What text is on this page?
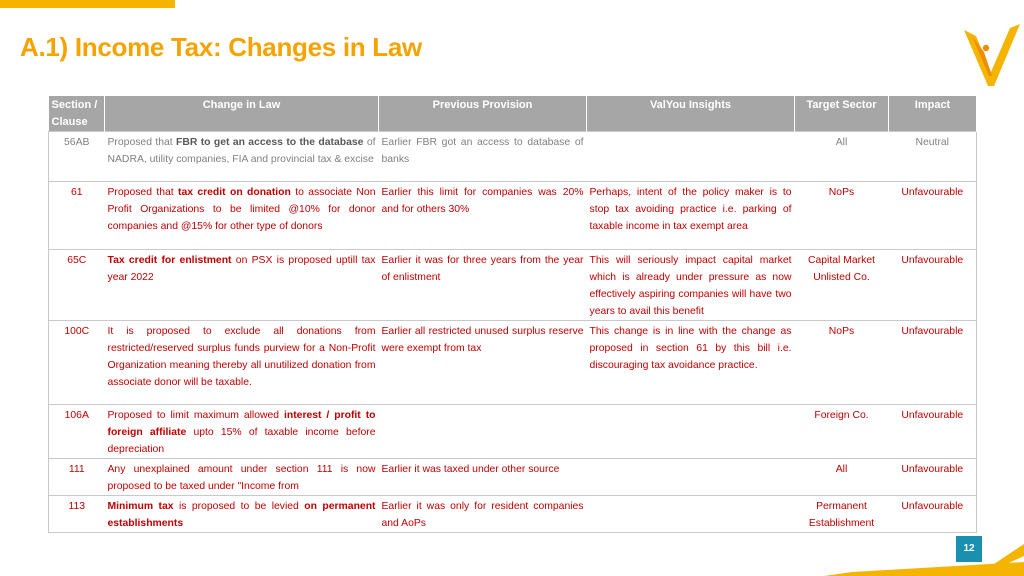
A.1) Income Tax: Changes in Law
Section / Clause	Change in Law	Previous Provision	ValYou Insights	Target Sector	Impact
56AB	Proposed that FBR to get an access to the database of NADRA, utility companies, FIA and provincial tax & excise	Earlier FBR got an access to database of banks		All	Neutral
61	Proposed that tax credit on donation to associate Non Profit Organizations to be limited @10% for donor companies and @15% for other type of donors	Earlier this limit for companies was 20% and for others 30%	Perhaps, intent of the policy maker is to stop tax avoiding practice i.e. parking of taxable income in tax exempt area	NoPs	Unfavourable
65C	Tax credit for enlistment on PSX is proposed uptill tax year 2022	Earlier it was for three years from the year of enlistment	This will seriously impact capital market which is already under pressure as now effectively aspiring companies will have two years to avail this benefit	Capital Market Unlisted Co.	Unfavourable
100C	It is proposed to exclude all donations from restricted/reserved surplus funds purview for a Non-Profit Organization meaning thereby all unutilized donation from associate donor will be taxable.	Earlier all restricted unused surplus reserve were exempt from tax	This change is in line with the change as proposed in section 61 by this bill i.e. discouraging tax avoidance practice.	NoPs	Unfavourable
106A	Proposed to limit maximum allowed interest / profit to foreign affiliate upto 15% of taxable income before depreciation			Foreign Co.	Unfavourable
111	Any unexplained amount under section 111 is now proposed to be taxed under "Income from	Earlier it was taxed under other source		All	Unfavourable
113	Minimum tax is proposed to be levied on permanent establishments	Earlier it was only for resident companies and AoPs		Permanent Establishment	Unfavourable
12
